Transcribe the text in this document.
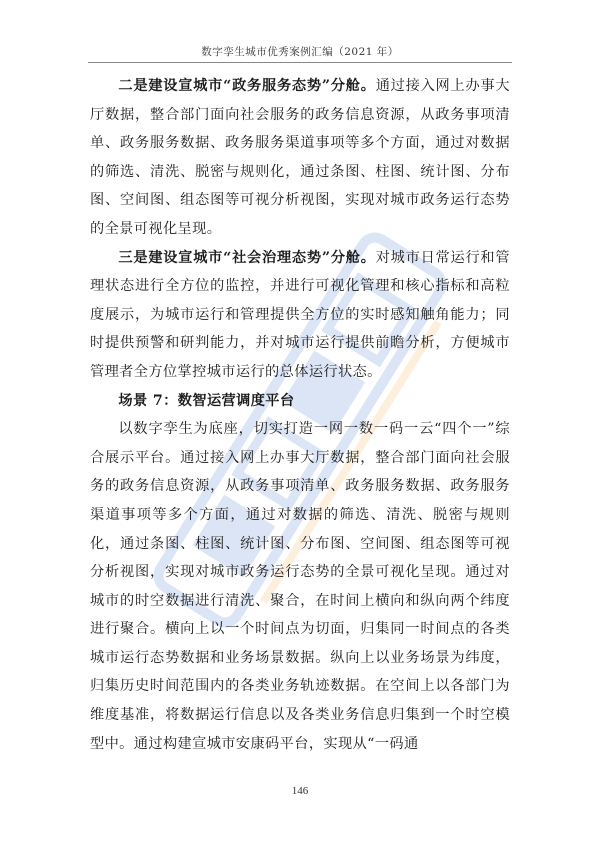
数字孪生城市优秀案例汇编（2021 年）

二是建设宣城市“政务服务态势”分舱。通过接入网上办事大厅数据，整合部门面向社会服务的政务信息资源，从政务事项清单、政务服务数据、政务服务渠道事项等多个方面，通过对数据的筛选、清洗、脱密与规则化，通过条图、柱图、统计图、分布图、空间图、组态图等可视分析视图，实现对城市政务运行态势的全景可视化呈现。

三是建设宣城市“社会治理态势”分舱。对城市日常运行和管理状态进行全方位的监控，并进行可视化管理和核心指标和高粒度展示，为城市运行和管理提供全方位的实时感知触角能力；同时提供预警和研判能力，并对城市运行提供前瞻分析，方便城市管理者全方位掌控城市运行的总体运行状态。

场景 7：数智运营调度平台

以数字孪生为底座，切实打造一网一数一码一云“四个一”综合展示平台。通过接入网上办事大厅数据，整合部门面向社会服务的政务信息资源，从政务事项清单、政务服务数据、政务服务渠道事项等多个方面，通过对数据的筛选、清洗、脱密与规则化，通过条图、柱图、统计图、分布图、空间图、组态图等可视分析视图，实现对城市政务运行态势的全景可视化呈现。通过对城市的时空数据进行清洗、聚合，在时间上横向和纵向两个纬度进行聚合。横向上以一个时间点为切面，归集同一时间点的各类城市运行态势数据和业务场景数据。纵向上以业务场景为纬度，归集历史时间范围内的各类业务轨迹数据。在空间上以各部门为维度基准，将数据运行信息以及各类业务信息归集到一个时空模型中。通过构建宣城市安康码平台，实现从“一码通

146
